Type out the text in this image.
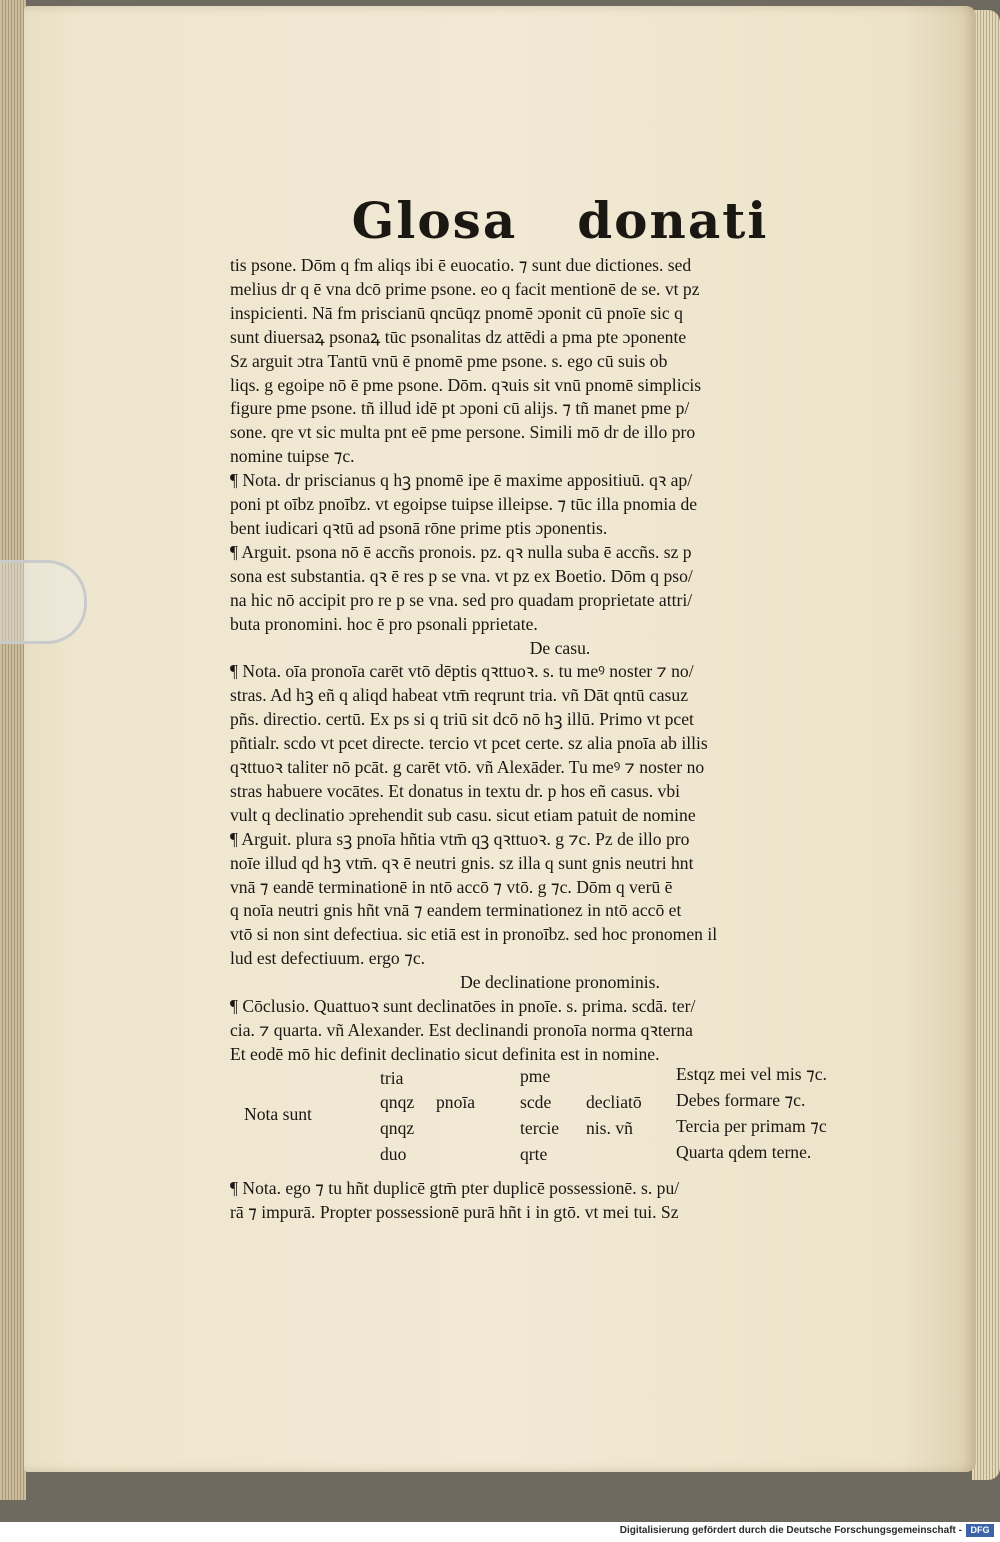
Glosa donati
tis psone. Dōm q fm aliqs ibi ē euocatio. ⁊ sunt due dictiones. sed
melius dr q ē vna dcō prime psone. eo q facit mentionē de se. vt pz
inspicienti. Nā fm priscianū qncūqz pnomē ɔponit cū pnoīe sic q
sunt diuersaꝝ psonaꝝ tūc psonalitas dz attēdi a pma pte ɔponente
Sz arguit ɔtra Tantū vnū ē pnomē pme psone. s. ego cū suis ob
liqs. g egoipe nō ē pme psone. Dōm. qꝛuis sit vnū pnomē simplicis
figure pme psone. tñ illud idē pt ɔponi cū alijs. ⁊ tñ manet pme p/
sone. qre vt sic multa pnt eē pme persone. Simili mō dr de illo pro
nomine tuipse ⁊c.
¶ Nota. dr priscianus q hꝫ pnomē ipe ē maxime appositiuū. qꝛ ap/
poni pt oībz pnoībz. vt egoipse tuipse illeipse. ⁊ tūc illa pnomia de
bent iudicari qꝛtū ad psonā rōne prime ptis ɔponentis.
¶ Arguit. psona nō ē accñs pronois. pz. qꝛ nulla suba ē accñs. sz p
sona est substantia. qꝛ ē res p se vna. vt pz ex Boetio. Dōm q pso/
na hic nō accipit pro re p se vna. sed pro quadam proprietate attri/
buta pronomini. hoc ē pro psonali pprietate.
De casu.
¶ Nota. oīa pronoīa carēt vtō dēptis qꝛttuoꝛ. s. tu meꝰ noster ⁊ no/
stras. Ad hꝫ eñ q aliqd habeat vtm̄ reqrunt tria. vñ Dāt qntū casuz
pñs. directio. certū. Ex ps si q triū sit dcō nō hꝫ illū. Primo vt pcet
pñtialr. scdo vt pcet directe. tercio vt pcet certe. sz alia pnoīa ab illis
qꝛttuoꝛ taliter nō pcāt. g carēt vtō. vñ Alexāder. Tu meꝰ ⁊ noster no
stras habuere vocātes. Et donatus in textu dr. p hos eñ casus. vbi
vult q declinatio ɔprehendit sub casu. sicut etiam patuit de nomine
¶ Arguit. plura sꝫ pnoīa hñtia vtm̄ qꝫ qꝛttuoꝛ. g ⁊c. Pz de illo pro
noīe illud qd hꝫ vtm̄. qꝛ ē neutri gnis. sz illa q sunt gnis neutri hnt
vnā ⁊ eandē terminationē in ntō accō ⁊ vtō. g ⁊c. Dōm q verū ē
q noīa neutri gnis hñt vnā ⁊ eandem terminationez in ntō accō et
vtō si non sint defectiua. sic etiā est in pronoībz. sed hoc pronomen il
lud est defectiuum. ergo ⁊c.
De declinatione pronominis.
¶ Cōclusio. Quattuoꝛ sunt declinatōes in pnoīe. s. prima. scdā. ter/
cia. ⁊ quarta. vñ Alexander. Est declinandi pronoīa norma qꝛterna
Et eodē mō hic definit declinatio sicut definita est in nomine.
Nota sunt
tria
qnqz
qnqz
duo
pnoīa
pme
scde
tercie
qrte
decliatō
nis. vñ
Estqz mei vel mis ⁊c.
Debes formare ⁊c.
Tercia per primam ⁊c
Quarta qdem terne.
¶ Nota. ego ⁊ tu hñt duplicē gtm̄ pter duplicē possessionē. s. pu/
rā ⁊ impurā. Propter possessionē purā hñt i in gtō. vt mei tui. Sz
Digitalisierung gefördert durch die Deutsche Forschungsgemeinschaft - DFG
